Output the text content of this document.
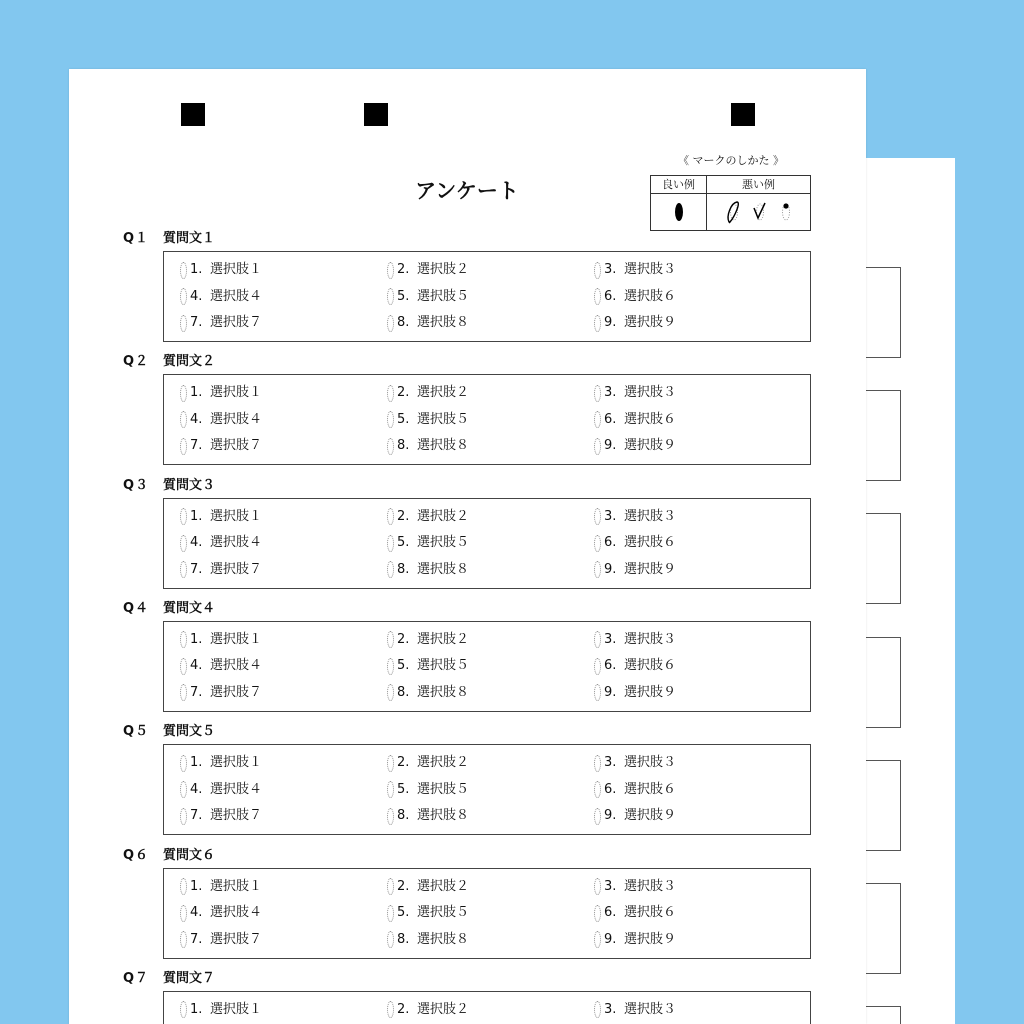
アンケート
《 マークのしかた 》
良い例	悪い例
Q１ 質問文１
1. 選択肢１	2. 選択肢２	3. 選択肢３
4. 選択肢４	5. 選択肢５	6. 選択肢６
7. 選択肢７	8. 選択肢８	9. 選択肢９
Q２ 質問文２
1. 選択肢１	2. 選択肢２	3. 選択肢３
4. 選択肢４	5. 選択肢５	6. 選択肢６
7. 選択肢７	8. 選択肢８	9. 選択肢９
Q３ 質問文３
1. 選択肢１	2. 選択肢２	3. 選択肢３
4. 選択肢４	5. 選択肢５	6. 選択肢６
7. 選択肢７	8. 選択肢８	9. 選択肢９
Q４ 質問文４
1. 選択肢１	2. 選択肢２	3. 選択肢３
4. 選択肢４	5. 選択肢５	6. 選択肢６
7. 選択肢７	8. 選択肢８	9. 選択肢９
Q５ 質問文５
1. 選択肢１	2. 選択肢２	3. 選択肢３
4. 選択肢４	5. 選択肢５	6. 選択肢６
7. 選択肢７	8. 選択肢８	9. 選択肢９
Q６ 質問文６
1. 選択肢１	2. 選択肢２	3. 選択肢３
4. 選択肢４	5. 選択肢５	6. 選択肢６
7. 選択肢７	8. 選択肢８	9. 選択肢９
Q７ 質問文７
1. 選択肢１	2. 選択肢２	3. 選択肢３
